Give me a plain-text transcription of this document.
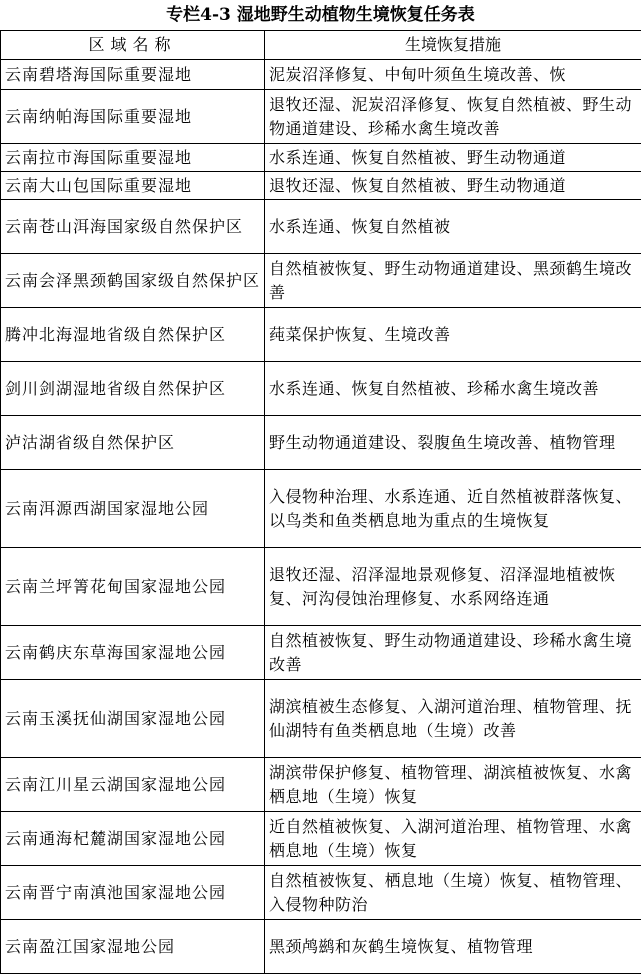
专栏4-3 湿地野生动植物生境恢复任务表
区域名称	生境恢复措施
云南碧塔海国际重要湿地	泥炭沼泽修复、中甸叶须鱼生境改善、恢
云南纳帕海国际重要湿地	退牧还湿、泥炭沼泽修复、恢复自然植被、野生动物通道建设、珍稀水禽生境改善
云南拉市海国际重要湿地	水系连通、恢复自然植被、野生动物通道
云南大山包国际重要湿地	退牧还湿、恢复自然植被、野生动物通道
云南苍山洱海国家级自然保护区	水系连通、恢复自然植被
云南会泽黑颈鹤国家级自然保护区	自然植被恢复、野生动物通道建设、黑颈鹤生境改善
腾冲北海湿地省级自然保护区	莼菜保护恢复、生境改善
剑川剑湖湿地省级自然保护区	水系连通、恢复自然植被、珍稀水禽生境改善
泸沽湖省级自然保护区	野生动物通道建设、裂腹鱼生境改善、植物管理
云南洱源西湖国家湿地公园	入侵物种治理、水系连通、近自然植被群落恢复、以鸟类和鱼类栖息地为重点的生境恢复
云南兰坪箐花甸国家湿地公园	退牧还湿、沼泽湿地景观修复、沼泽湿地植被恢复、河沟侵蚀治理修复、水系网络连通
云南鹤庆东草海国家湿地公园	自然植被恢复、野生动物通道建设、珍稀水禽生境改善
云南玉溪抚仙湖国家湿地公园	湖滨植被生态修复、入湖河道治理、植物管理、抚仙湖特有鱼类栖息地（生境）改善
云南江川星云湖国家湿地公园	湖滨带保护修复、植物管理、湖滨植被恢复、水禽栖息地（生境）恢复
云南通海杞麓湖国家湿地公园	近自然植被恢复、入湖河道治理、植物管理、水禽栖息地（生境）恢复
云南晋宁南滇池国家湿地公园	自然植被恢复、栖息地（生境）恢复、植物管理、入侵物种防治
云南盈江国家湿地公园	黑颈鸬鹚和灰鹤生境恢复、植物管理
